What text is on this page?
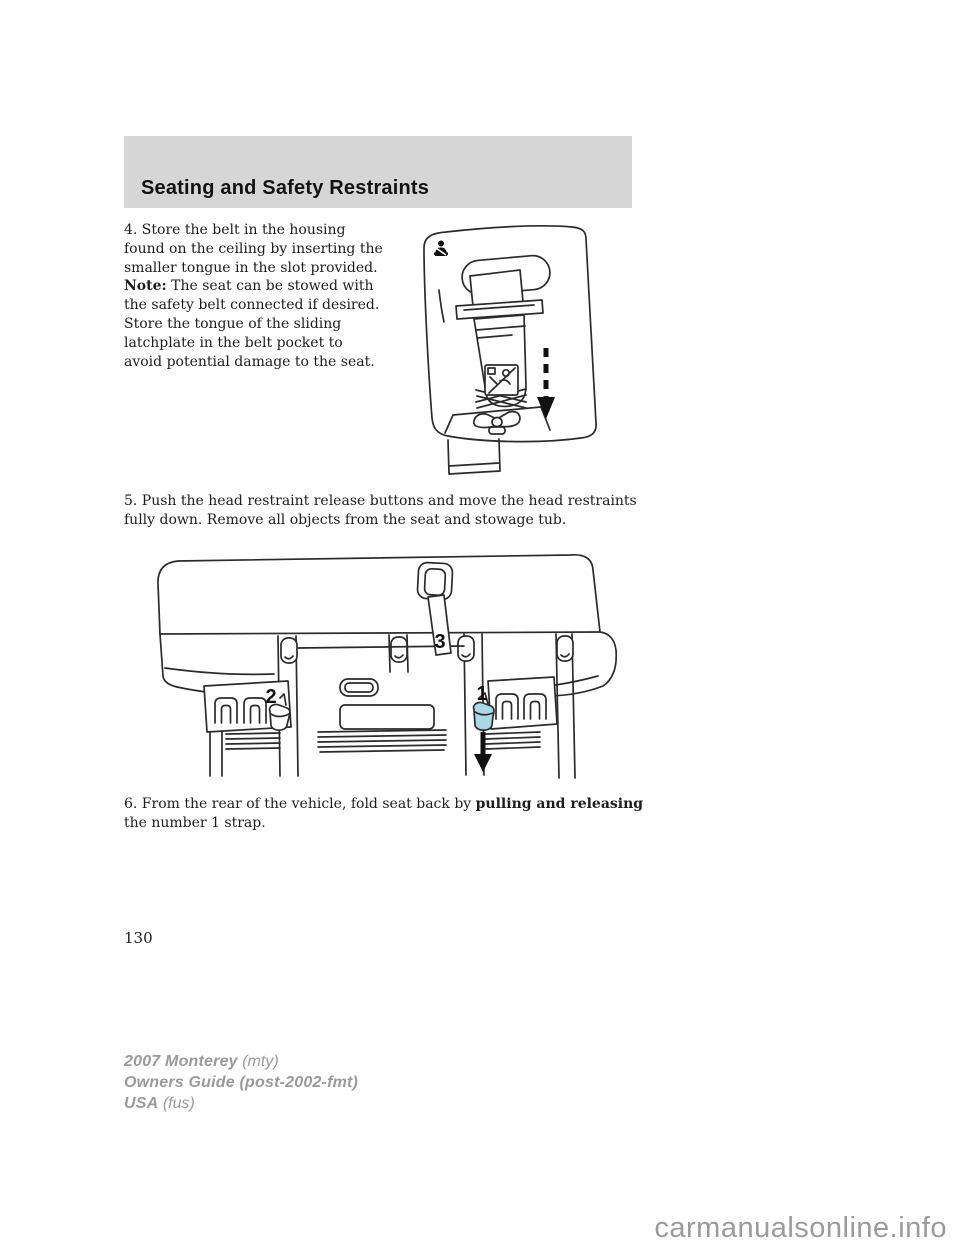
Seating and Safety Restraints
4. Store the belt in the housing
found on the ceiling by inserting the
smaller tongue in the slot provided.
Note: The seat can be stowed with
the safety belt connected if desired.
Store the tongue of the sliding
latchplate in the belt pocket to
avoid potential damage to the seat.
5. Push the head restraint release buttons and move the head restraints
fully down. Remove all objects from the seat and stowage tub.
2	1
3
6. From the rear of the vehicle, fold seat back by pulling and releasing
the number 1 strap.
130
2007 Monterey (mty)
Owners Guide (post-2002-fmt)
USA (fus)
carmanualsonline.info
